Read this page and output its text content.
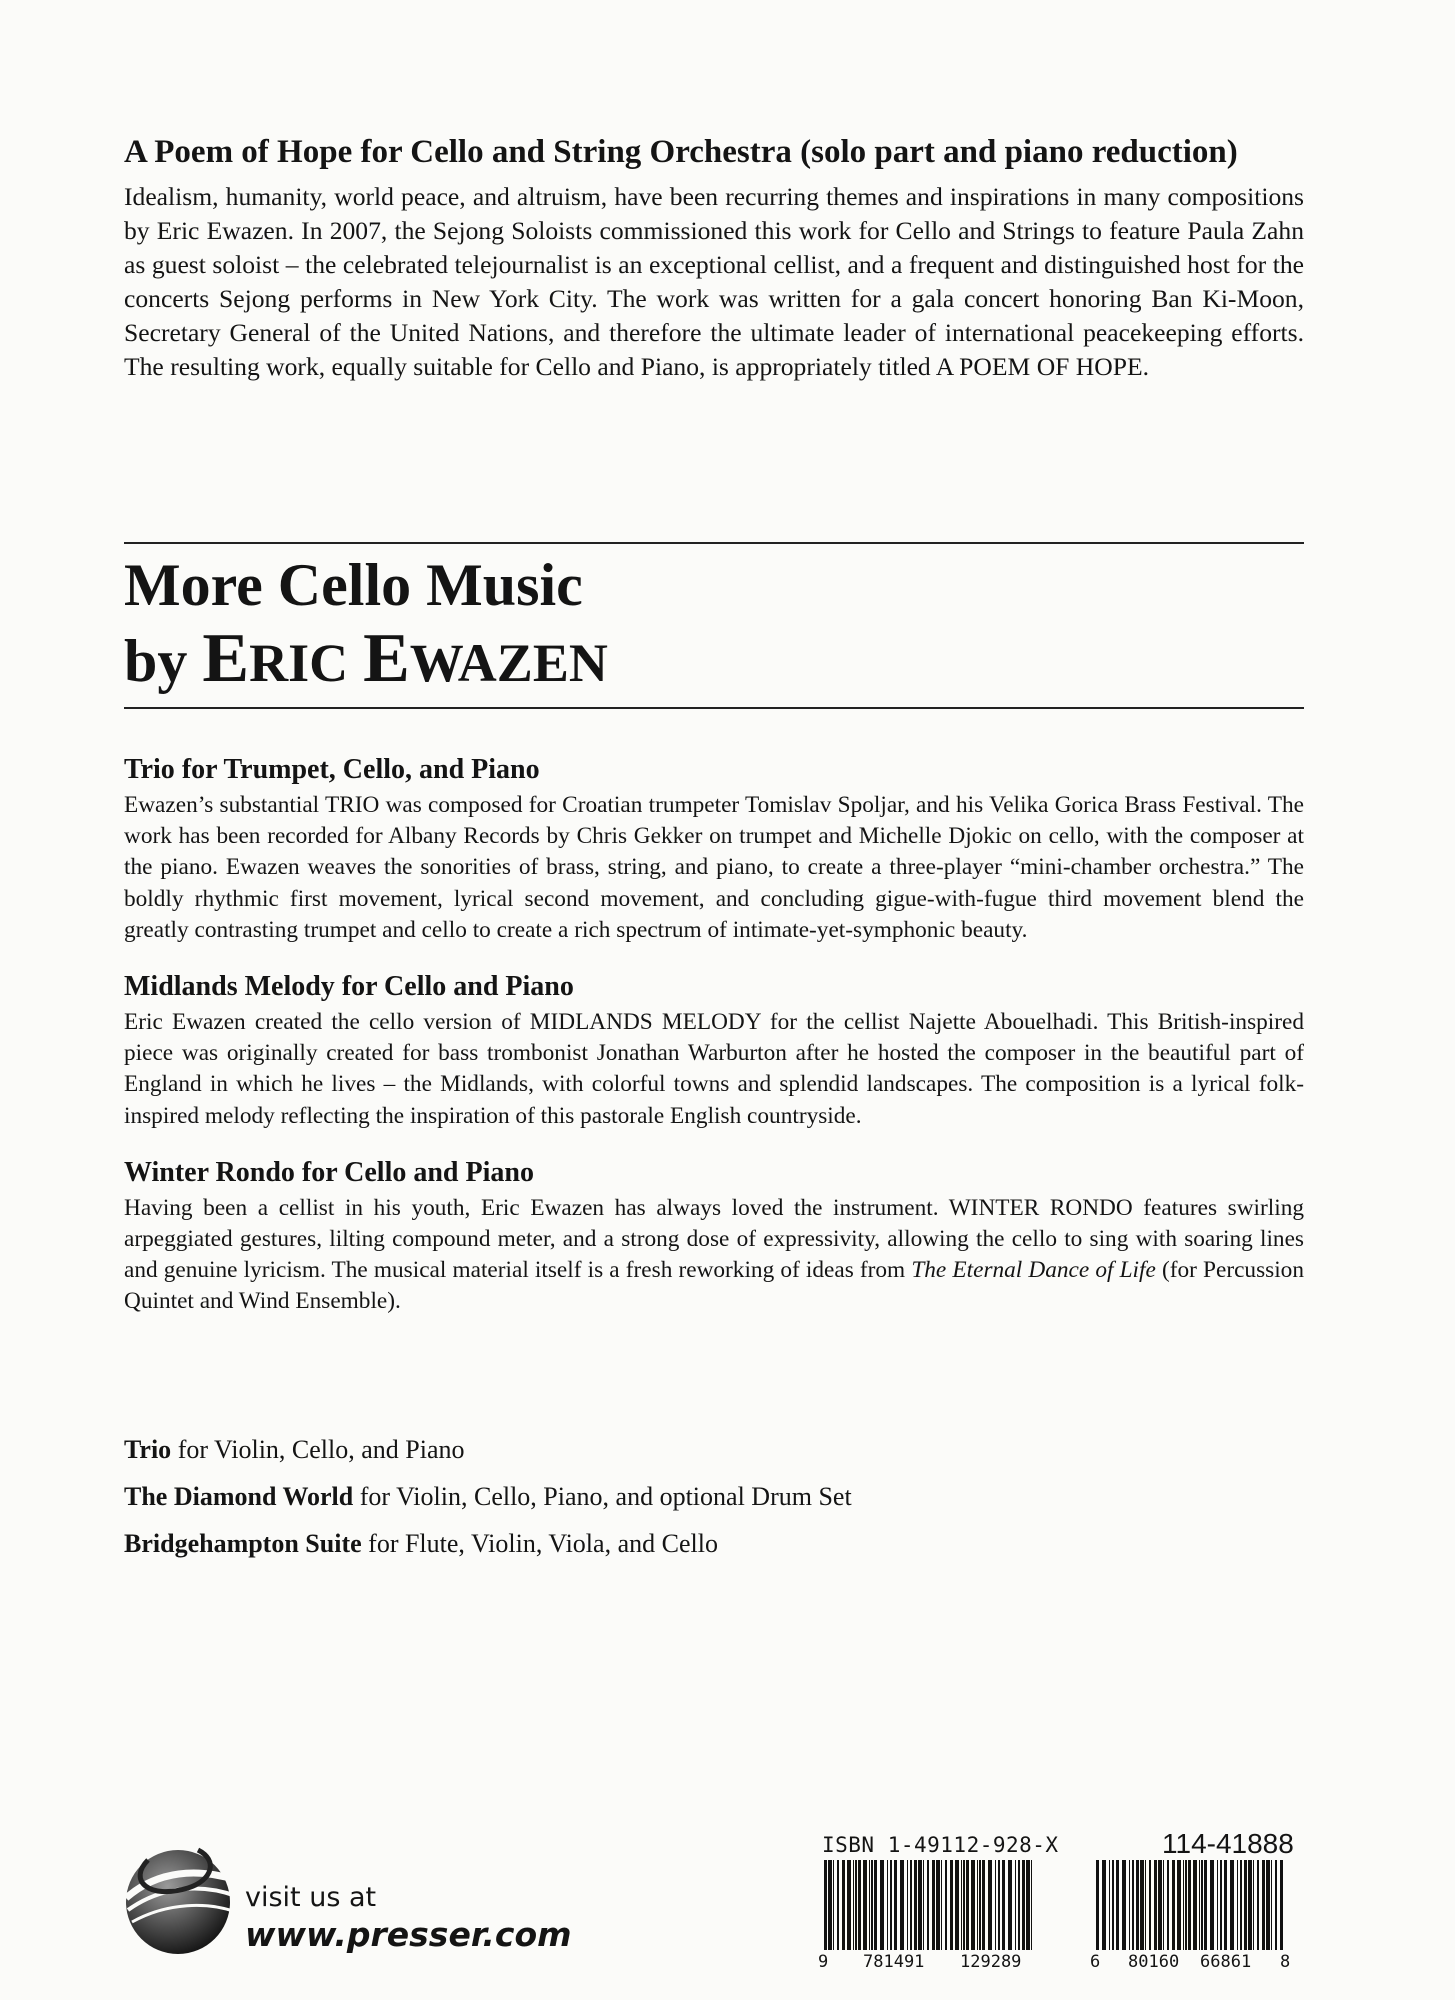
A Poem of Hope for Cello and String Orchestra (solo part and piano reduction)

Idealism, humanity, world peace, and altruism, have been recurring themes and inspirations in many compositions by Eric Ewazen. In 2007, the Sejong Soloists commissioned this work for Cello and Strings to feature Paula Zahn as guest soloist – the celebrated telejournalist is an exceptional cellist, and a frequent and distinguished host for the concerts Sejong performs in New York City. The work was written for a gala concert honoring Ban Ki-Moon, Secretary General of the United Nations, and therefore the ultimate leader of international peacekeeping efforts. The resulting work, equally suitable for Cello and Piano, is appropriately titled A POEM OF HOPE.

More Cello Music
by ERIC EWAZEN
Trio for Trumpet, Cello, and Piano

Ewazen’s substantial TRIO was composed for Croatian trumpeter Tomislav Spoljar, and his Velika Gorica Brass Festival. The work has been recorded for Albany Records by Chris Gekker on trumpet and Michelle Djokic on cello, with the composer at the piano. Ewazen weaves the sonorities of brass, string, and piano, to create a three-player “mini-chamber orchestra.” The boldly rhythmic first movement, lyrical second movement, and concluding gigue-with-fugue third movement blend the greatly contrasting trumpet and cello to create a rich spectrum of intimate-yet-symphonic beauty.

Midlands Melody for Cello and Piano

Eric Ewazen created the cello version of MIDLANDS MELODY for the cellist Najette Abouelhadi. This British-inspired piece was originally created for bass trombonist Jonathan Warburton after he hosted the composer in the beautiful part of England in which he lives – the Midlands, with colorful towns and splendid landscapes. The composition is a lyrical folk-inspired melody reflecting the inspiration of this pastorale English countryside.

Winter Rondo for Cello and Piano

Having been a cellist in his youth, Eric Ewazen has always loved the instrument. WINTER RONDO features swirling arpeggiated gestures, lilting compound meter, and a strong dose of expressivity, allowing the cello to sing with soaring lines and genuine lyricism. The musical material itself is a fresh reworking of ideas from The Eternal Dance of Life (for Percussion Quintet and Wind Ensemble).

Trio for Violin, Cello, and Piano

The Diamond World for Violin, Cello, Piano, and optional Drum Set

Bridgehampton Suite for Flute, Violin, Viola, and Cello

visit us at
www.presser.com
ISBN 1-49112-928-X	114-41888
9 781491 129289	6 80160 66861 8
